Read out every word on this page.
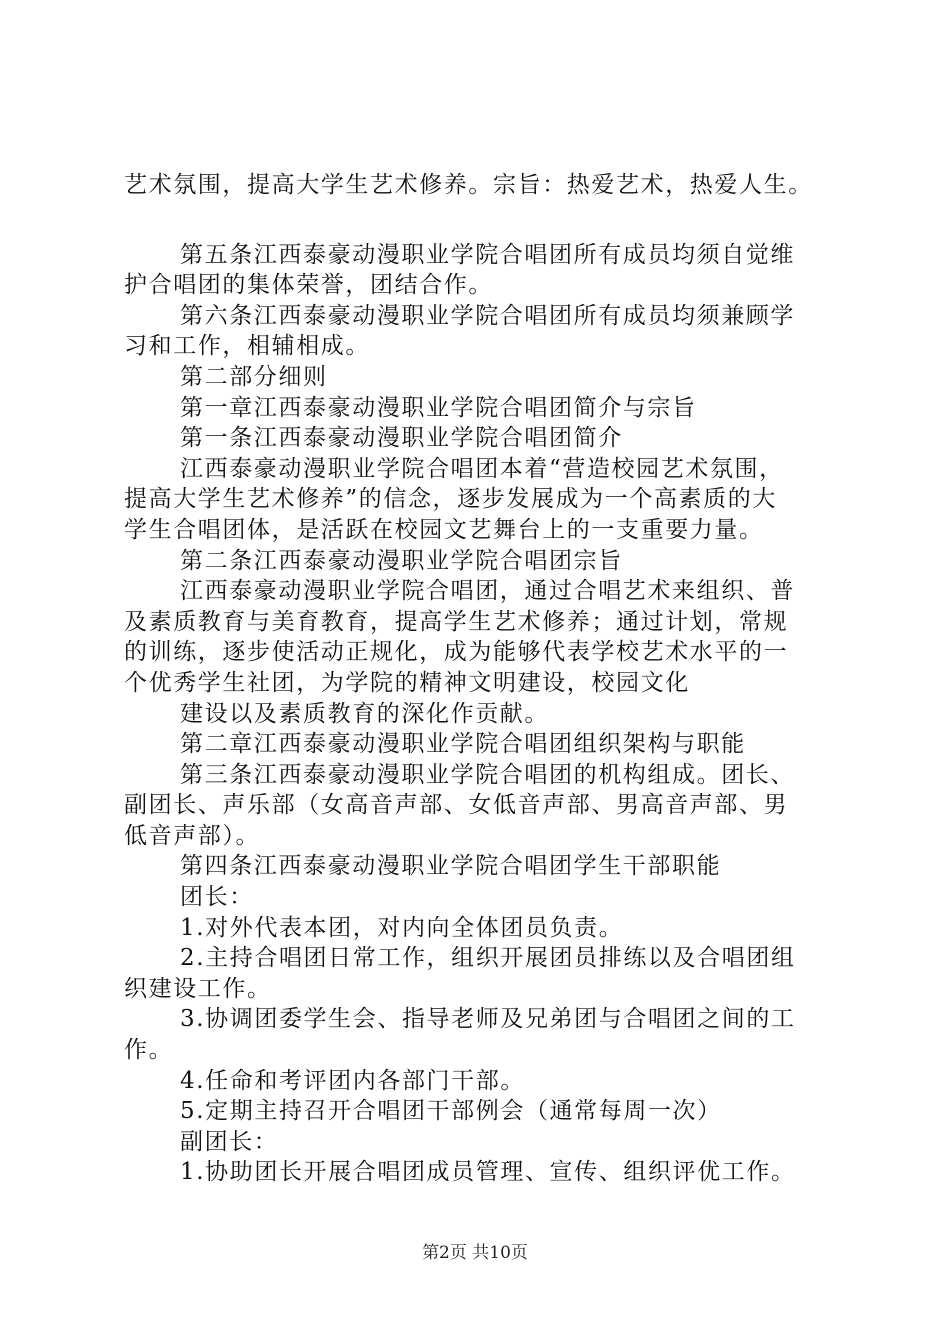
艺术氛围，提高大学生艺术修养。宗旨：热爱艺术，热爱人生。
第五条江西泰豪动漫职业学院合唱团所有成员均须自觉维
护合唱团的集体荣誉，团结合作。
第六条江西泰豪动漫职业学院合唱团所有成员均须兼顾学
习和工作，相辅相成。
第二部分细则
第一章江西泰豪动漫职业学院合唱团简介与宗旨
第一条江西泰豪动漫职业学院合唱团简介
江西泰豪动漫职业学院合唱团本着“营造校园艺术氛围，
提高大学生艺术修养”的信念，逐步发展成为一个高素质的大
学生合唱团体，是活跃在校园文艺舞台上的一支重要力量。
第二条江西泰豪动漫职业学院合唱团宗旨
江西泰豪动漫职业学院合唱团，通过合唱艺术来组织、普
及素质教育与美育教育，提高学生艺术修养；通过计划，常规
的训练，逐步使活动正规化，成为能够代表学校艺术水平的一
个优秀学生社团，为学院的精神文明建设，校园文化
建设以及素质教育的深化作贡献。
第二章江西泰豪动漫职业学院合唱团组织架构与职能
第三条江西泰豪动漫职业学院合唱团的机构组成。团长、
副团长、声乐部（女高音声部、女低音声部、男高音声部、男
低音声部）。
第四条江西泰豪动漫职业学院合唱团学生干部职能
团长：
1.对外代表本团，对内向全体团员负责。
2.主持合唱团日常工作，组织开展团员排练以及合唱团组
织建设工作。
3.协调团委学生会、指导老师及兄弟团与合唱团之间的工
作。
4.任命和考评团内各部门干部。
5.定期主持召开合唱团干部例会（通常每周一次）
副团长：
1.协助团长开展合唱团成员管理、宣传、组织评优工作。
第2页 共10页
